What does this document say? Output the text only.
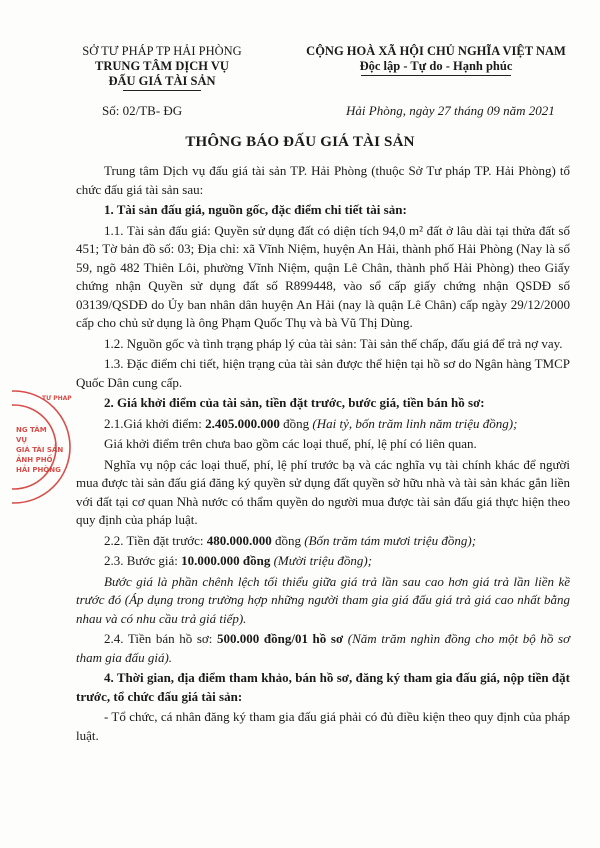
SỞ TƯ PHÁP TP HẢI PHÒNG
TRUNG TÂM DỊCH VỤ
ĐẤU GIÁ TÀI SẢN
CỘNG HOÀ XÃ HỘI CHỦ NGHĨA VIỆT NAM
Độc lập - Tự do - Hạnh phúc
Số: 02/TB- ĐG	Hải Phòng, ngày 27 tháng 09 năm 2021
THÔNG BÁO ĐẤU GIÁ TÀI SẢN
NG TÂM
VỤ
GIÁ TÀI SẢN
ẢNH PHỐ
HẢI PHÒNG
TƯ PHÁP

Trung tâm Dịch vụ đấu giá tài sản TP. Hải Phòng (thuộc Sở Tư pháp TP. Hải Phòng) tổ chức đấu giá tài sản sau:

1. Tài sản đấu giá, nguồn gốc, đặc điểm chi tiết tài sản:

1.1. Tài sản đấu giá: Quyền sử dụng đất có diện tích 94,0 m² đất ở lâu dài tại thửa đất số 451; Tờ bản đồ số: 03; Địa chỉ: xã Vĩnh Niệm, huyện An Hải, thành phố Hải Phòng (Nay là số 59, ngõ 482 Thiên Lôi, phường Vĩnh Niệm, quận Lê Chân, thành phố Hải Phòng) theo Giấy chứng nhận Quyền sử dụng đất số R899448, vào sổ cấp giấy chứng nhận QSDĐ số 03139/QSDĐ do Ủy ban nhân dân huyện An Hải (nay là quận Lê Chân) cấp ngày 29/12/2000 cấp cho chủ sử dụng là ông Phạm Quốc Thụ và bà Vũ Thị Dùng.

1.2. Nguồn gốc và tình trạng pháp lý của tài sản: Tài sản thế chấp, đấu giá để trả nợ vay.

1.3. Đặc điểm chi tiết, hiện trạng của tài sản được thể hiện tại hồ sơ do Ngân hàng TMCP Quốc Dân cung cấp.

2. Giá khởi điểm của tài sản, tiền đặt trước, bước giá, tiền bán hồ sơ:

2.1.Giá khởi điểm: 2.405.000.000 đồng (Hai tỷ, bốn trăm linh năm triệu đồng);

Giá khởi điểm trên chưa bao gồm các loại thuế, phí, lệ phí có liên quan.

Nghĩa vụ nộp các loại thuế, phí, lệ phí trước bạ và các nghĩa vụ tài chính khác để người mua được tài sản đấu giá đăng ký quyền sử dụng đất quyền sở hữu nhà và tài sản khác gắn liền với đất tại cơ quan Nhà nước có thẩm quyền do người mua được tài sản đấu giá thực hiện theo quy định của pháp luật.

2.2. Tiền đặt trước: 480.000.000 đồng (Bốn trăm tám mươi triệu đồng);

2.3. Bước giá: 10.000.000 đồng (Mười triệu đồng);

Bước giá là phần chênh lệch tối thiểu giữa giá trả lần sau cao hơn giá trả lần liền kề trước đó (Áp dụng trong trường hợp những người tham gia giá đấu giá trả giá cao nhất bằng nhau và có nhu cầu trả giá tiếp).

2.4. Tiền bán hồ sơ: 500.000 đồng/01 hồ sơ (Năm trăm nghìn đồng cho một bộ hồ sơ tham gia đấu giá).

4. Thời gian, địa điểm tham khảo, bán hồ sơ, đăng ký tham gia đấu giá, nộp tiền đặt trước, tổ chức đấu giá tài sản:

- Tổ chức, cá nhân đăng ký tham gia đấu giá phải có đủ điều kiện theo quy định của pháp luật.
